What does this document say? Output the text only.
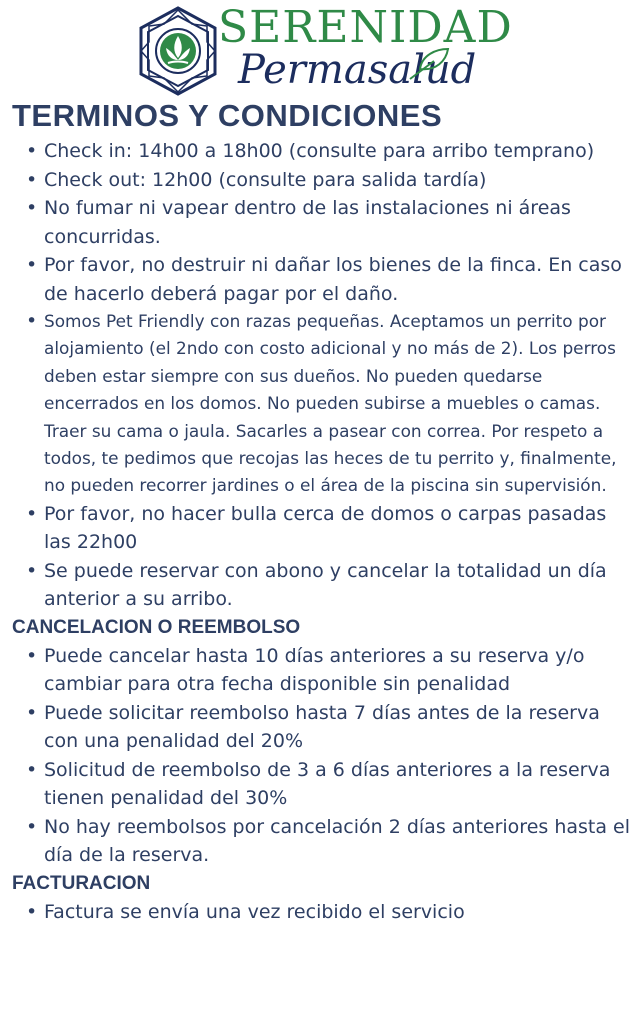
SERENIDAD
Permasalud
TERMINOS Y CONDICIONES
• Check in: 14h00 a 18h00 (consulte para arribo temprano)
• Check out: 12h00 (consulte para salida tardía)
• No fumar ni vapear dentro de las instalaciones ni áreas concurridas.
• Por favor, no destruir ni dañar los bienes de la finca. En caso de hacerlo deberá pagar por el daño.
• Somos Pet Friendly con razas pequeñas. Aceptamos un perrito por alojamiento (el 2ndo con costo adicional y no más de 2). Los perros deben estar siempre con sus dueños. No pueden quedarse encerrados en los domos. No pueden subirse a muebles o camas. Traer su cama o jaula. Sacarles a pasear con correa. Por respeto a todos, te pedimos que recojas las heces de tu perrito y, finalmente, no pueden recorrer jardines o el área de la piscina sin supervisión.
• Por favor, no hacer bulla cerca de domos o carpas pasadas las 22h00
• Se puede reservar con abono y cancelar la totalidad un día anterior a su arribo.
CANCELACION O REEMBOLSO
• Puede cancelar hasta 10 días anteriores a su reserva y/o cambiar para otra fecha disponible sin penalidad
• Puede solicitar reembolso hasta 7 días antes de la reserva con una penalidad del 20%
• Solicitud de reembolso de 3 a 6 días anteriores a la reserva tienen penalidad del 30%
• No hay reembolsos por cancelación 2 días anteriores hasta el día de la reserva.
FACTURACION
• Factura se envía una vez recibido el servicio
